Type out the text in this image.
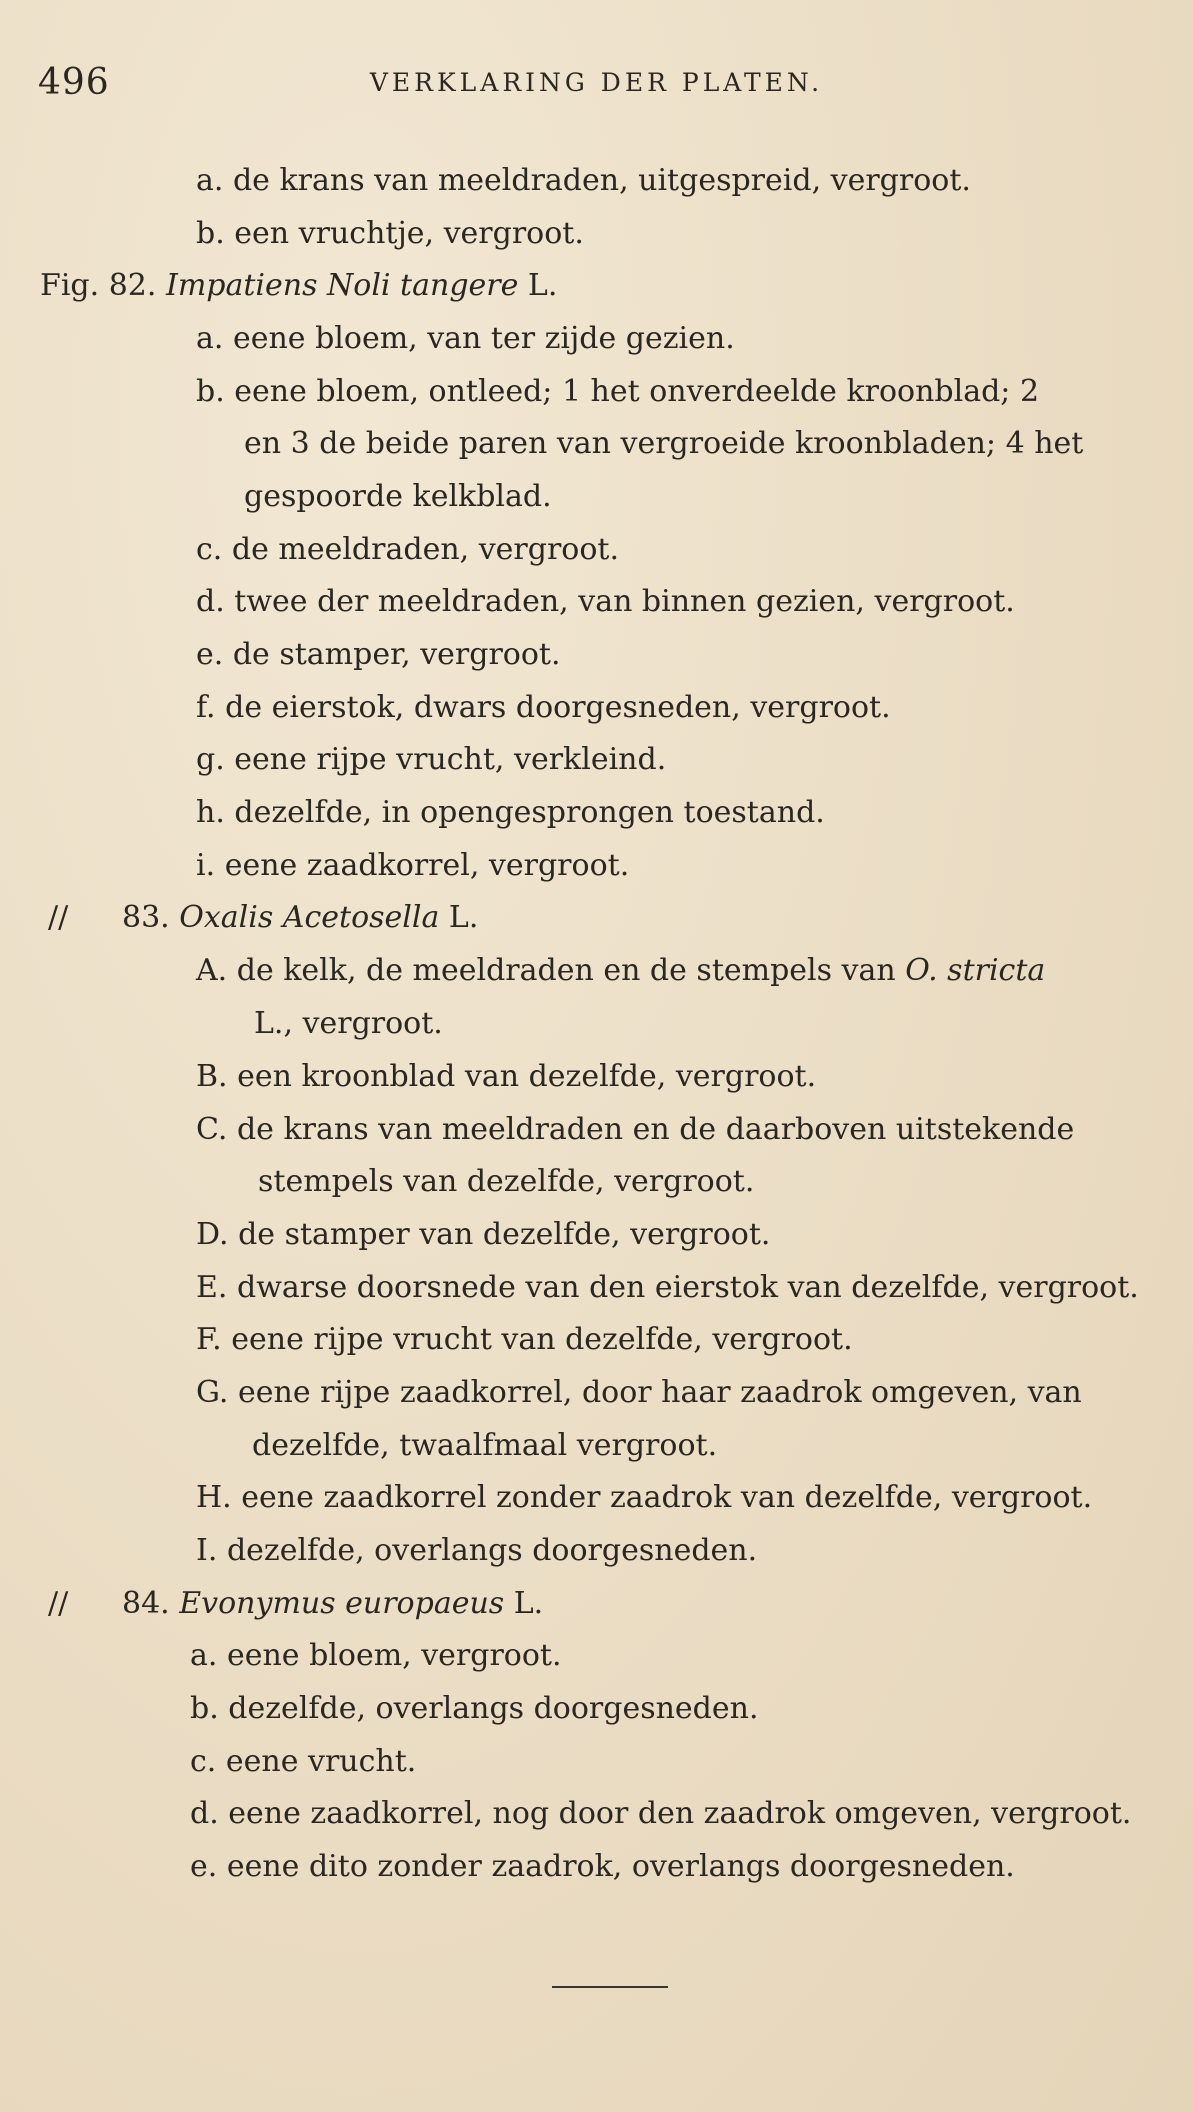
496	VERKLARING DER PLATEN.
a. de krans van meeldraden, uitgespreid, vergroot.
b. een vruchtje, vergroot.
Fig. 82. Impatiens Noli tangere L.
a. eene bloem, van ter zijde gezien.
b. eene bloem, ontleed; 1 het onverdeelde kroonblad; 2
en 3 de beide paren van vergroeide kroonbladen; 4 het
gespoorde kelkblad.
c. de meeldraden, vergroot.
d. twee der meeldraden, van binnen gezien, vergroot.
e. de stamper, vergroot.
f. de eierstok, dwars doorgesneden, vergroot.
g. eene rijpe vrucht, verkleind.
h. dezelfde, in opengesprongen toestand.
i. eene zaadkorrel, vergroot.
// 83. Oxalis Acetosella L.
A. de kelk, de meeldraden en de stempels van O. stricta
L., vergroot.
B. een kroonblad van dezelfde, vergroot.
C. de krans van meeldraden en de daarboven uitstekende
stempels van dezelfde, vergroot.
D. de stamper van dezelfde, vergroot.
E. dwarse doorsnede van den eierstok van dezelfde, vergroot.
F. eene rijpe vrucht van dezelfde, vergroot.
G. eene rijpe zaadkorrel, door haar zaadrok omgeven, van
dezelfde, twaalfmaal vergroot.
H. eene zaadkorrel zonder zaadrok van dezelfde, vergroot.
I. dezelfde, overlangs doorgesneden.
// 84. Evonymus europaeus L.
a. eene bloem, vergroot.
b. dezelfde, overlangs doorgesneden.
c. eene vrucht.
d. eene zaadkorrel, nog door den zaadrok omgeven, vergroot.
e. eene dito zonder zaadrok, overlangs doorgesneden.
